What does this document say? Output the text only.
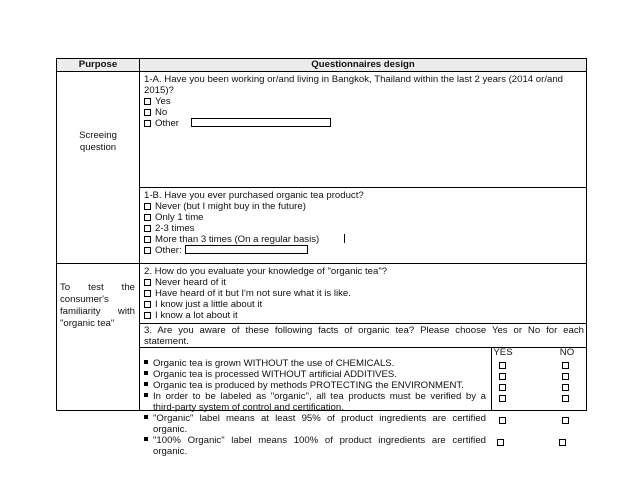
Purpose	Questionnaires design
Screeing
question
1-A. Have you been working or/and living in Bangkok, Thailand within the last 2 years (2014 or/and
2015)?
Yes
No
Other
1-B. Have you ever purchased organic tea product?
Never (but I might buy in the future)
Only 1 time
2-3 times
More than 3 times (On a regular basis)
Other:
To test the
consumer's
familiarity with
"organic tea"
2. How do you evaluate your knowledge of "organic tea"?
Never heard of it
Have heard of it but I'm not sure what it is like.
I know just a little about it
I know a lot about it
3. Are you aware of these following facts of organic tea? Please choose Yes or No for each
statement.
YES	NO
Organic tea is grown WITHOUT the use of CHEMICALS.
Organic tea is processed WITHOUT artificial ADDITIVES.
Organic tea is produced by methods PROTECTING the ENVIRONMENT.
In order to be labeled as "organic", all tea products must be verified by a
third-party system of control and certification.
"Organic" label means at least 95% of product ingredients are certified
organic.
"100% Organic" label means 100% of product ingredients are certified
organic.
